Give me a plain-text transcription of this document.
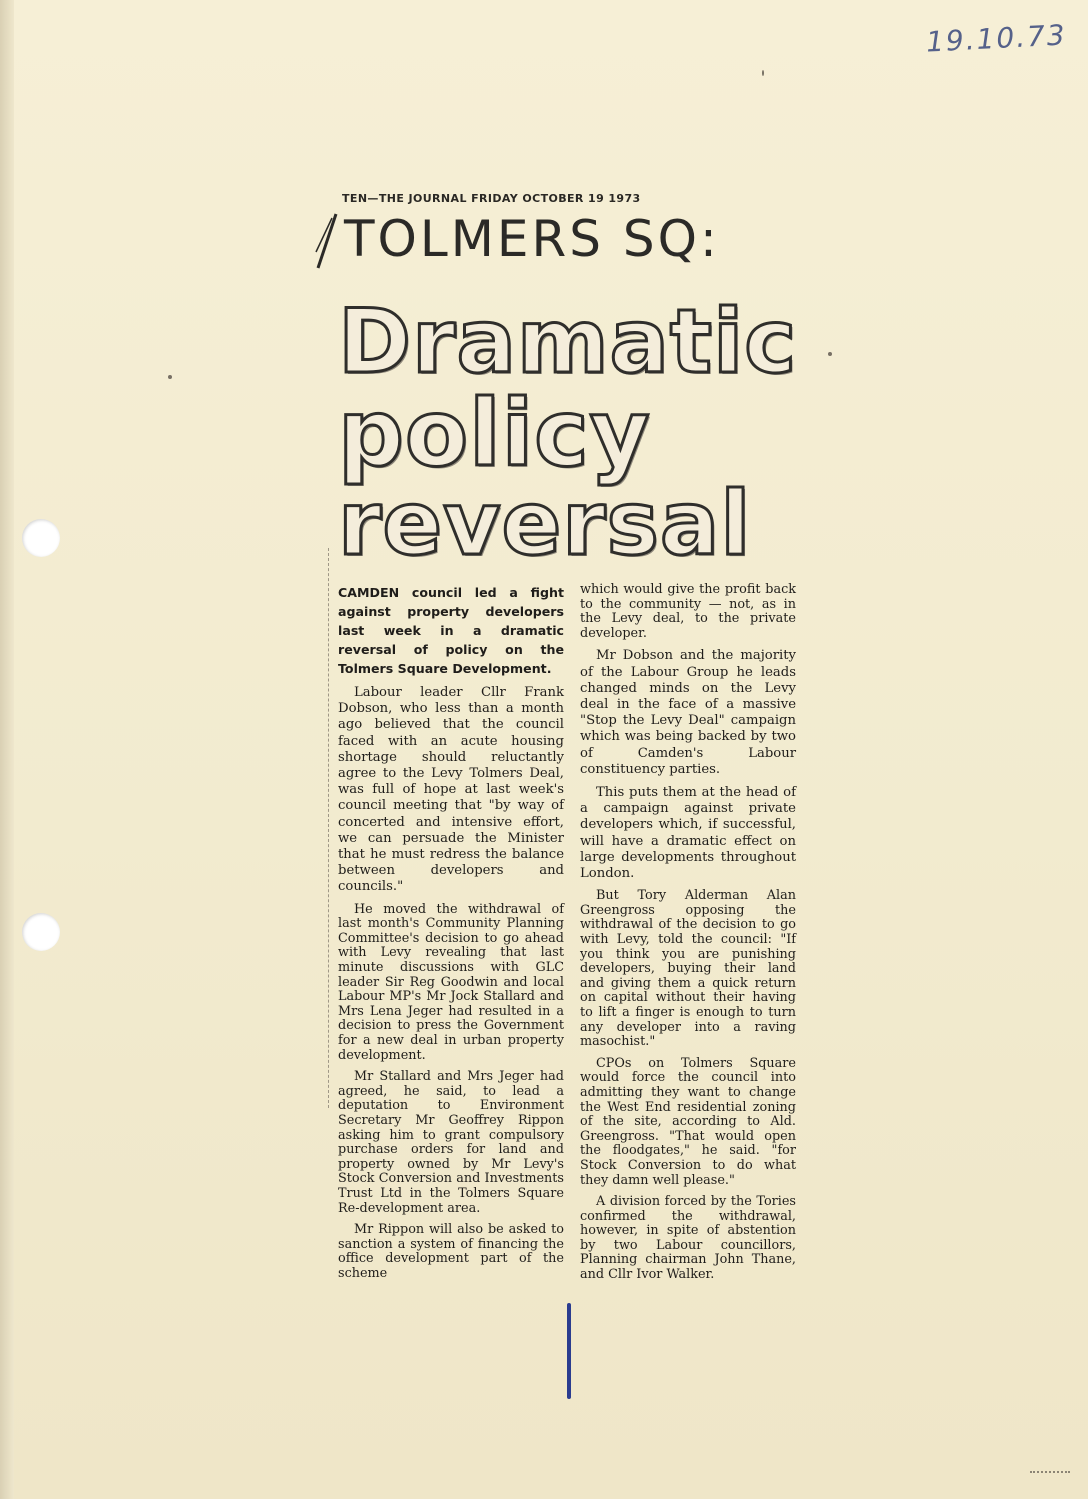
19.10.73
TEN—THE JOURNAL FRIDAY OCTOBER 19 1973
TOLMERS SQ:
Dramatic
policy
reversal

CAMDEN council led a fight against property developers last week in a dramatic reversal of policy on the Tolmers Square Development.

Labour leader Cllr Frank Dobson, who less than a month ago believed that the council faced with an acute housing shortage should reluctantly agree to the Levy Tolmers Deal, was full of hope at last week's council meeting that "by way of concerted and intensive effort, we can persuade the Minister that he must redress the balance between developers and councils."

He moved the withdrawal of last month's Community Planning Committee's decision to go ahead with Levy revealing that last minute discussions with GLC leader Sir Reg Goodwin and local Labour MP's Mr Jock Stallard and Mrs Lena Jeger had resulted in a decision to press the Government for a new deal in urban property development.

Mr Stallard and Mrs Jeger had agreed, he said, to lead a deputation to Environment Secretary Mr Geoffrey Rippon asking him to grant compulsory purchase orders for land and property owned by Mr Levy's Stock Conversion and Investments Trust Ltd in the Tolmers Square Re-development area.

Mr Rippon will also be asked to sanction a system of financing the office development part of the scheme

which would give the profit back to the community — not, as in the Levy deal, to the private developer.

Mr Dobson and the majority of the Labour Group he leads changed minds on the Levy deal in the face of a massive "Stop the Levy Deal" campaign which was being backed by two of Camden's Labour constituency parties.

This puts them at the head of a campaign against private developers which, if successful, will have a dramatic effect on large developments throughout London.

But Tory Alderman Alan Greengross opposing the withdrawal of the decision to go with Levy, told the council: "If you think you are punishing developers, buying their land and giving them a quick return on capital without their having to lift a finger is enough to turn any developer into a raving masochist."

CPOs on Tolmers Square would force the council into admitting they want to change the West End residential zoning of the site, according to Ald. Greengross. "That would open the floodgates," he said. "for Stock Conversion to do what they damn well please."

A division forced by the Tories confirmed the withdrawal, however, in spite of abstention by two Labour councillors, Planning chairman John Thane, and Cllr Ivor Walker.
